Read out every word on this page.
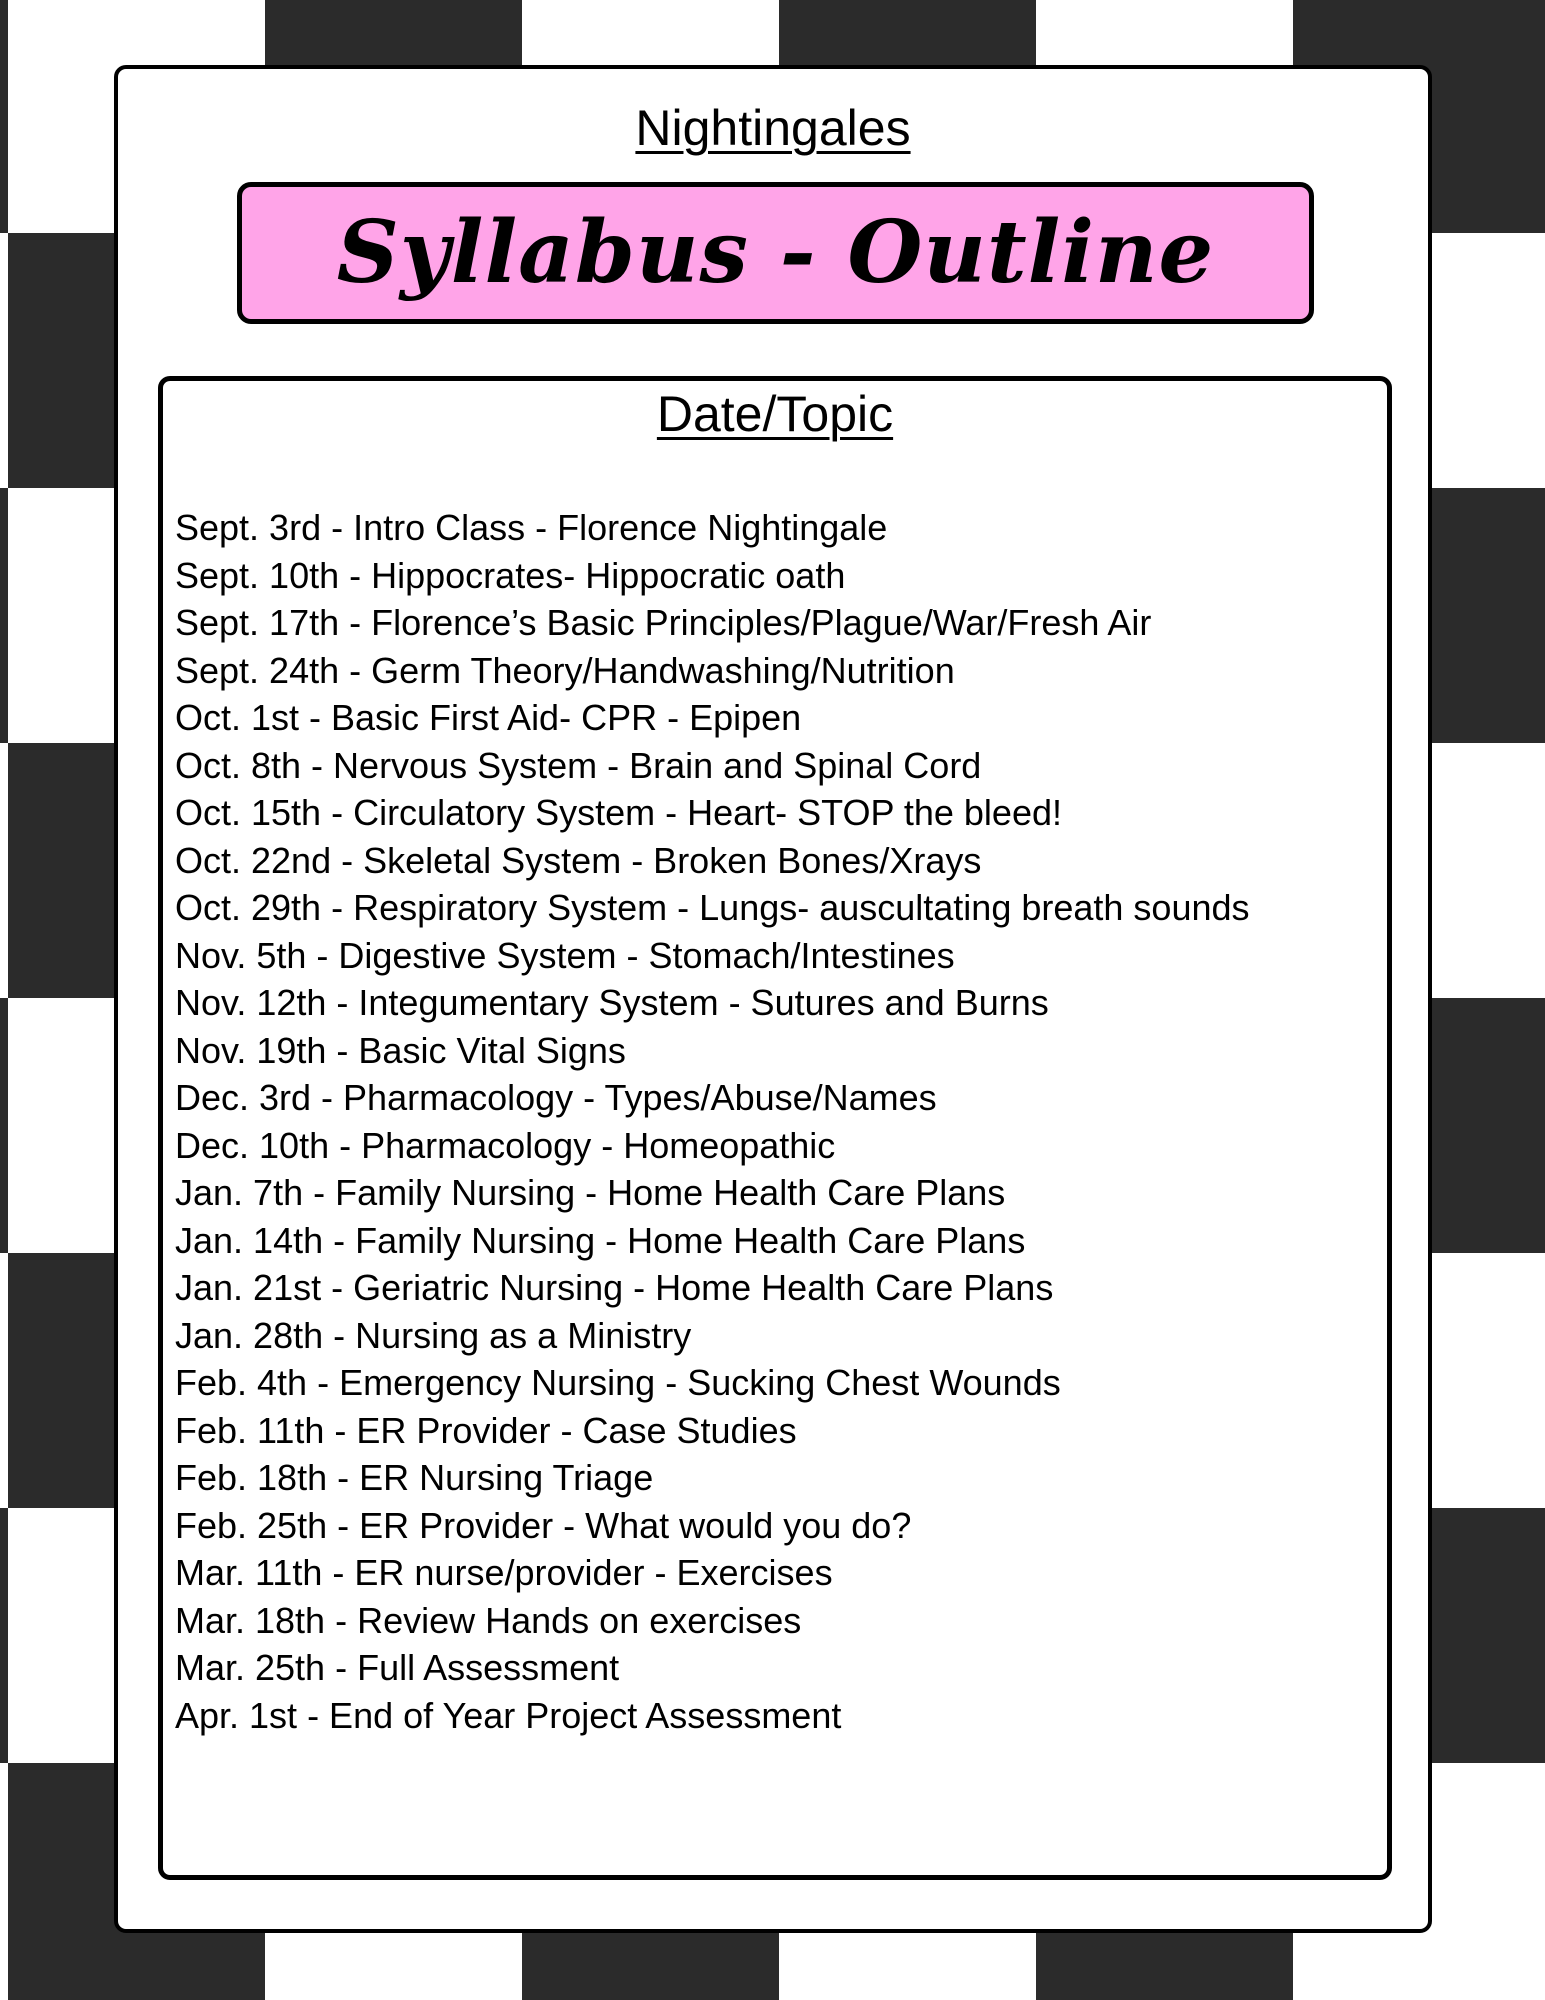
Nightingales
Syllabus - Outline
Date/Topic
Sept. 3rd - Intro Class - Florence Nightingale
Sept. 10th - Hippocrates- Hippocratic oath
Sept. 17th - Florence’s Basic Principles/Plague/War/Fresh Air
Sept. 24th - Germ Theory/Handwashing/Nutrition
Oct. 1st - Basic First Aid- CPR - Epipen
Oct. 8th - Nervous System - Brain and Spinal Cord
Oct. 15th - Circulatory System - Heart- STOP the bleed!
Oct. 22nd - Skeletal System - Broken Bones/Xrays
Oct. 29th - Respiratory System - Lungs- auscultating breath sounds
Nov. 5th - Digestive System - Stomach/Intestines
Nov. 12th - Integumentary System - Sutures and Burns
Nov. 19th - Basic Vital Signs
Dec. 3rd - Pharmacology - Types/Abuse/Names
Dec. 10th - Pharmacology - Homeopathic
Jan. 7th - Family Nursing - Home Health Care Plans
Jan. 14th - Family Nursing - Home Health Care Plans
Jan. 21st - Geriatric Nursing - Home Health Care Plans
Jan. 28th - Nursing as a Ministry
Feb. 4th - Emergency Nursing - Sucking Chest Wounds
Feb. 11th - ER Provider - Case Studies
Feb. 18th - ER Nursing Triage
Feb. 25th - ER Provider - What would you do?
Mar. 11th - ER nurse/provider - Exercises
Mar. 18th - Review Hands on exercises
Mar. 25th - Full Assessment
Apr. 1st - End of Year Project Assessment
